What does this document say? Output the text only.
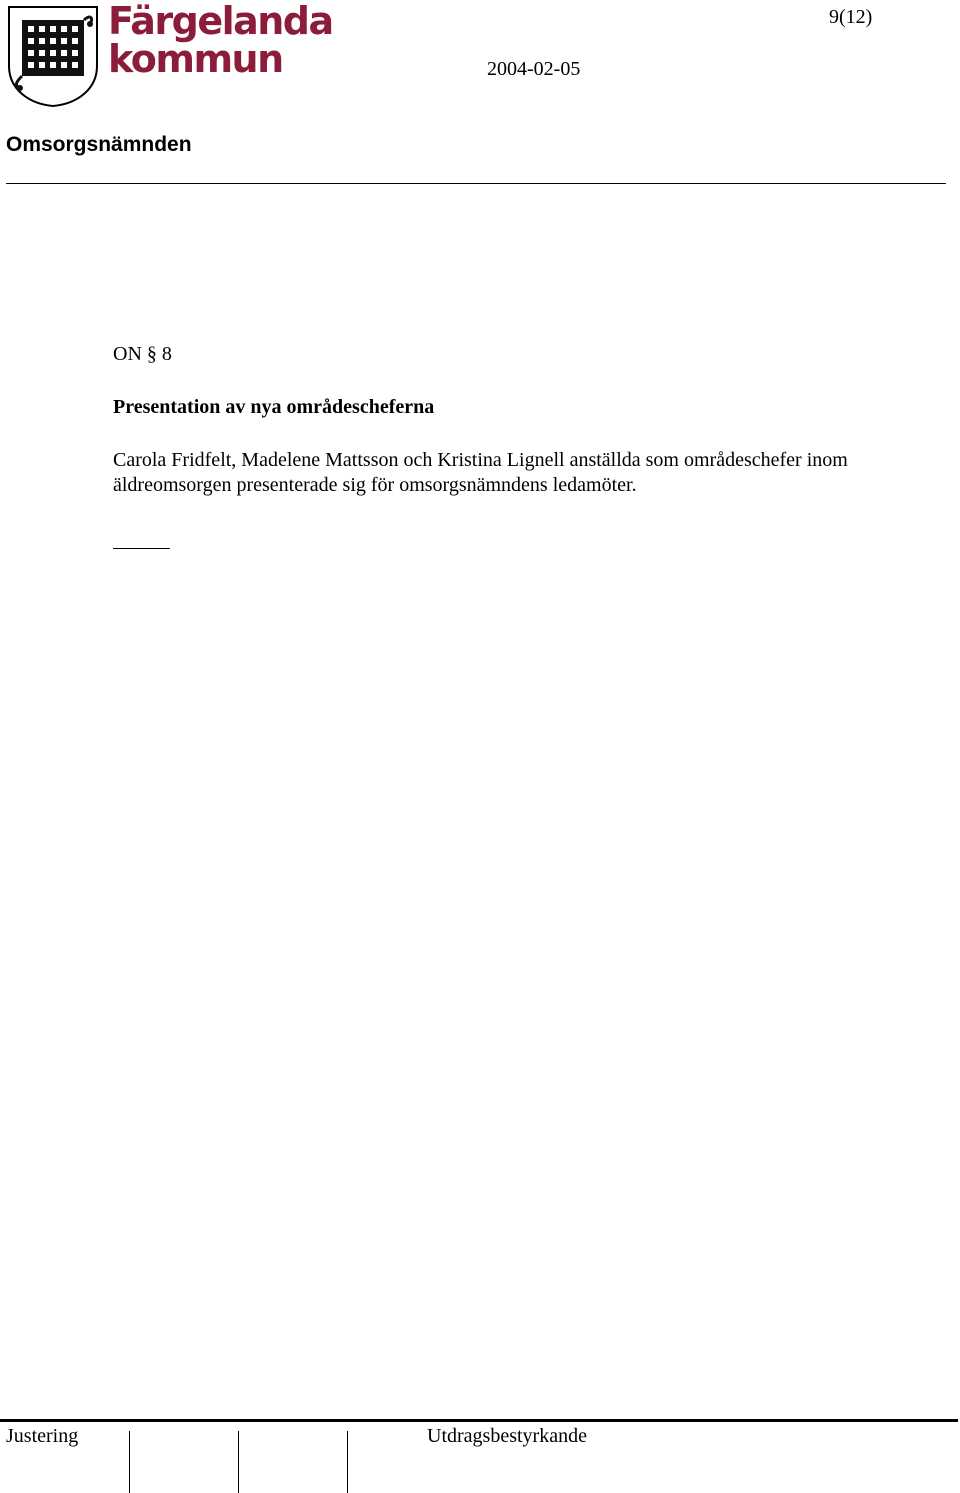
Färgelanda
kommun
9(12)
2004-02-05
Omsorgsnämnden
ON § 8
Presentation av nya områdescheferna
Carola Fridfelt, Madelene Mattsson och Kristina Lignell anställda som områdeschefer inom äldreomsorgen presenterade sig för omsorgsnämndens ledamöter.
Justering	Utdragsbestyrkande
